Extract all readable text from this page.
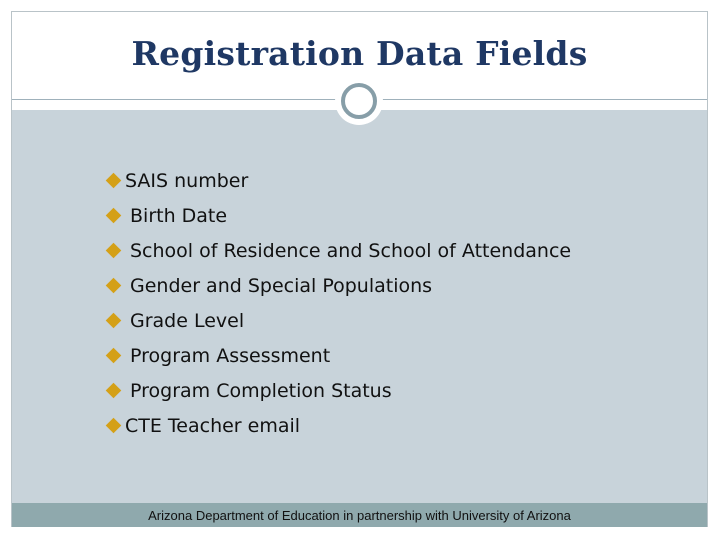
Registration Data Fields
SAIS number
Birth Date
School of Residence and School of Attendance
Gender and Special Populations
Grade Level
Program Assessment
Program Completion Status
CTE Teacher email
Arizona Department of Education in partnership with University of Arizona
